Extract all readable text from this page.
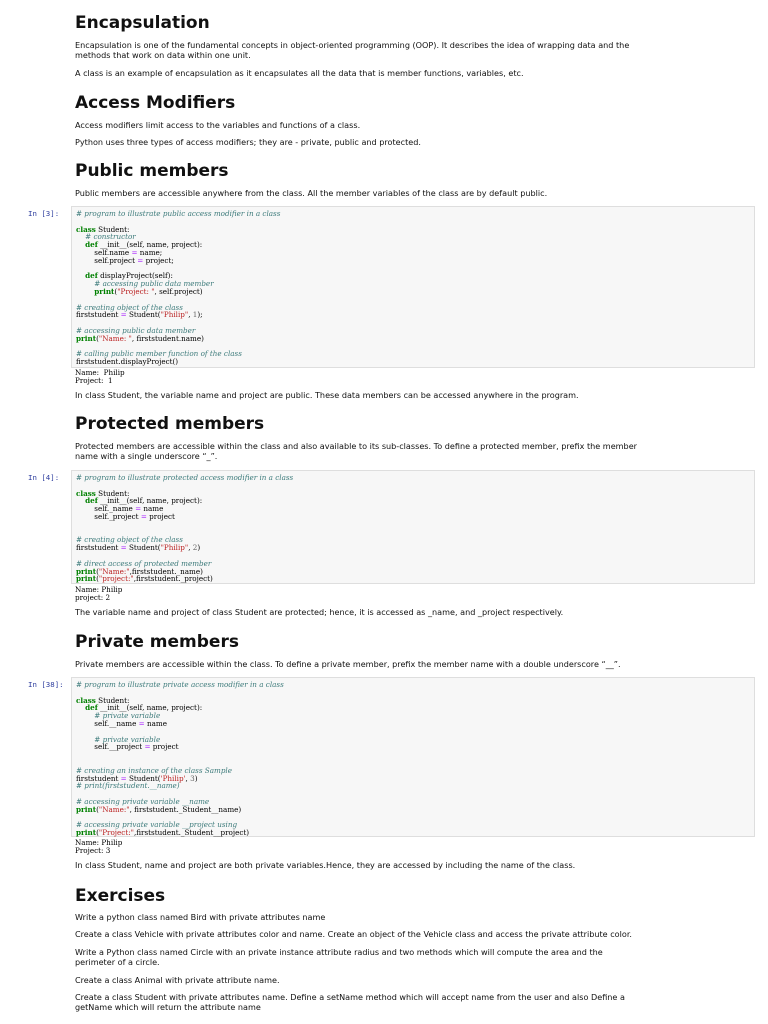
Encapsulation

Encapsulation is one of the fundamental concepts in object-oriented programming (OOP). It describes the idea of wrapping data and the

methods that work on data within one unit.

A class is an example of encapsulation as it encapsulates all the data that is member functions, variables, etc.

Access Modifiers

Access modifiers limit access to the variables and functions of a class.

Python uses three types of access modifiers; they are - private, public and protected.

Public members

Public members are accessible anywhere from the class. All the member variables of the class are by default public.

In [3]:	# program to illustrate public access modifier in a class

class Student:
# constructor
def __init__(self, name, project):
self.name = name;
self.project = project;

def displayProject(self):
# accessing public data member
print("Project: ", self.project)

# creating object of the class
firststudent = Student("Philip", 1);

# accessing public data member
print("Name: ", firststudent.name)

# calling public member function of the class
firststudent.displayProject()
Name:  Philip
Project:  1

In class Student, the variable name and project are public. These data members can be accessed anywhere in the program.

Protected members

Protected members are accessible within the class and also available to its sub-classes. To define a protected member, prefix the member

name with a single underscore “_”.

In [4]:	# program to illustrate protected access modifier in a class

class Student:
def __init__(self, name, project):
self._name = name
self._project = project

# creating object of the class
firststudent = Student("Philip", 2)

# direct access of protected member
print("Name:",firststudent._name)
print("project:",firststudent._project)
Name: Philip
project: 2

The variable name and project of class Student are protected; hence, it is accessed as _name, and _project respectively.

Private members

Private members are accessible within the class. To define a private member, prefix the member name with a double underscore “__”.

In [38]:	# program to illustrate private access modifier in a class

class Student:
def __init__(self, name, project):
# private variable
self.__name = name

# private variable
self.__project = project

# creating an instance of the class Sample
firststudent = Student('Philip', 3)
# print(firststudent.__name)

# accessing private variable __name
print("Name:", firststudent._Student__name)

# accessing private variable __project using
print("Project:",firststudent._Student__project)
Name: Philip
Project: 3

In class Student, name and project are both private variables.Hence, they are accessed by including the name of the class.

Exercises

Write a python class named Bird with private attributes name

Create a class Vehicle with private attributes color and name. Create an object of the Vehicle class and access the private attribute color.

Write a Python class named Circle with an private instance attribute radius and two methods which will compute the area and the

perimeter of a circle.

Create a class Animal with private attribute name.

Create a class Student with private attributes name. Define a setName method which will accept name from the user and also Define a

getName which will return the attribute name
